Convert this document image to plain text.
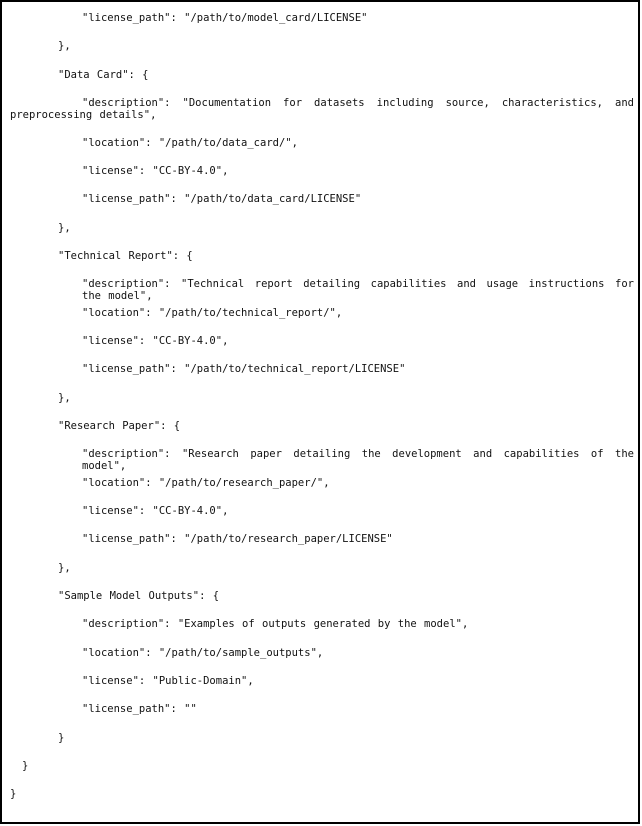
"license_path": "/path/to/model_card/LICENSE"
},
"Data Card": {
"description": "Documentation for datasets including source, characteristics, and preprocessing details",
"location": "/path/to/data_card/",
"license": "CC-BY-4.0",
"license_path": "/path/to/data_card/LICENSE"
},
"Technical Report": {
"description": "Technical report detailing capabilities and usage instructions for the model",
"location": "/path/to/technical_report/",
"license": "CC-BY-4.0",
"license_path": "/path/to/technical_report/LICENSE"
},
"Research Paper": {
"description": "Research paper detailing the development and capabilities of the model",
"location": "/path/to/research_paper/",
"license": "CC-BY-4.0",
"license_path": "/path/to/research_paper/LICENSE"
},
"Sample Model Outputs": {
"description": "Examples of outputs generated by the model",
"location": "/path/to/sample_outputs",
"license": "Public-Domain",
"license_path": ""
}
}
}
